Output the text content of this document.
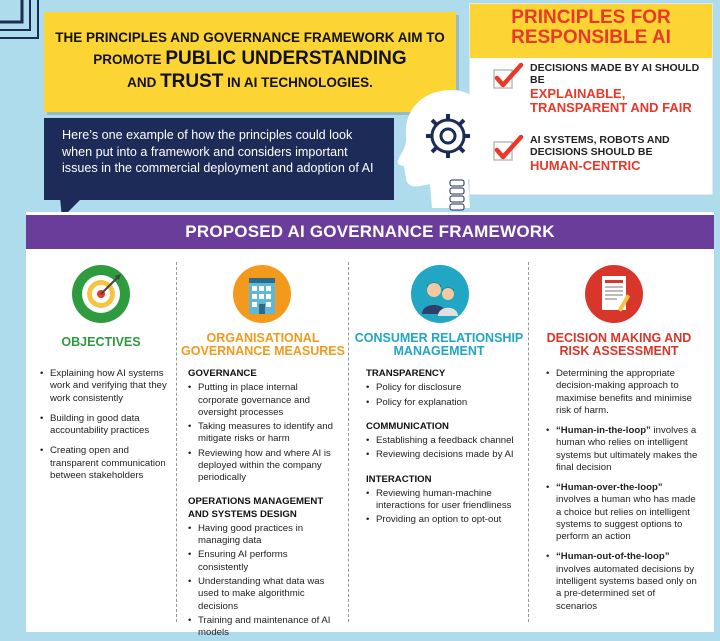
THE PRINCIPLES AND GOVERNANCE FRAMEWORK AIM TO
PROMOTE PUBLIC UNDERSTANDING
AND TRUST IN AI TECHNOLOGIES.
PRINCIPLES FOR RESPONSIBLE AI
DECISIONS MADE BY AI SHOULD BE
EXPLAINABLE, TRANSPARENT AND FAIR
AI SYSTEMS, ROBOTS AND DECISIONS SHOULD BE
HUMAN-CENTRIC
Here’s one example of how the principles could look when put into a framework and considers important issues in the commercial deployment and adoption of AI
PROPOSED AI GOVERNANCE FRAMEWORK
OBJECTIVES
• Explaining how AI systems work and verifying that they work consistently
• Building in good data accountability practices
• Creating open and transparent communication between stakeholders
ORGANISATIONAL GOVERNANCE MEASURES
GOVERNANCE
• Putting in place internal corporate governance and oversight processes
• Taking measures to identify and mitigate risks or harm
• Reviewing how and where AI is deployed within the company periodically
OPERATIONS MANAGEMENT AND SYSTEMS DESIGN
• Having good practices in managing data
• Ensuring AI performs consistently
• Understanding what data was used to make algorithmic decisions
• Training and maintenance of AI models
CONSUMER RELATIONSHIP MANAGEMENT
TRANSPARENCY
• Policy for disclosure
• Policy for explanation
COMMUNICATION
• Establishing a feedback channel
• Reviewing decisions made by AI
INTERACTION
• Reviewing human-machine interactions for user friendliness
• Providing an option to opt-out
DECISION MAKING AND RISK ASSESSMENT
• Determining the appropriate decision-making approach to maximise benefits and minimise risk of harm.
• “Human-in-the-loop” involves a human who relies on intelligent systems but ultimately makes the final decision
• “Human-over-the-loop” involves a human who has made a choice but relies on intelligent systems to suggest options to perform an action
• “Human-out-of-the-loop” involves automated decisions by intelligent systems based only on a pre-determined set of scenarios
